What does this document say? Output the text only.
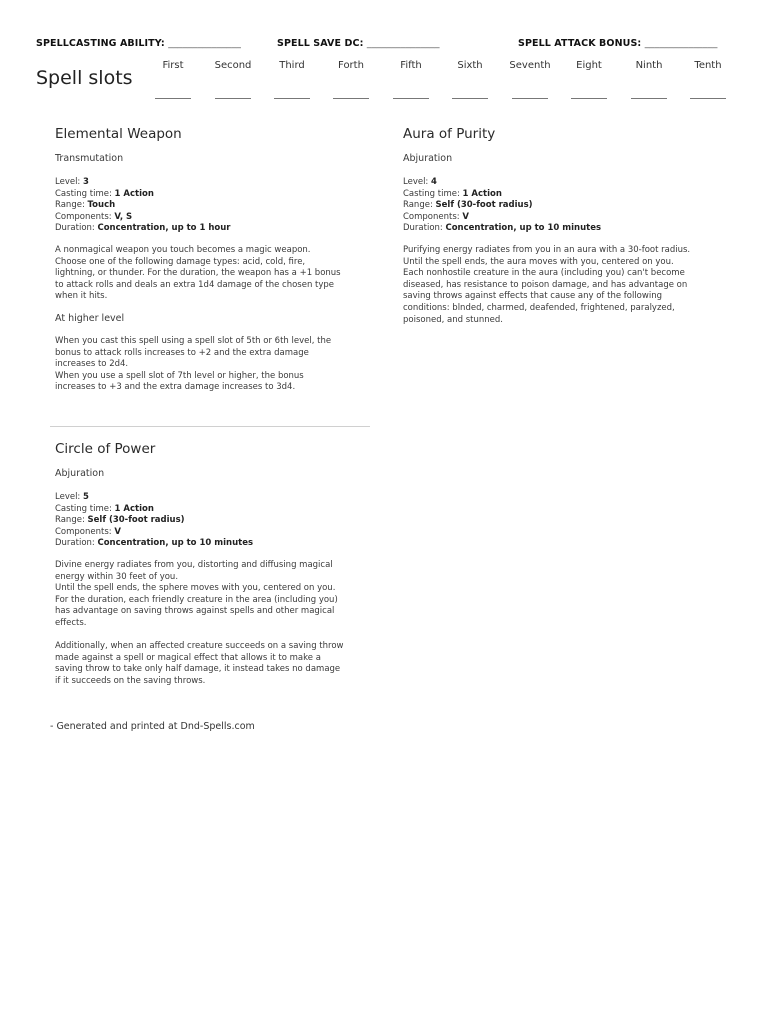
SPELLCASTING ABILITY: _______________	SPELL SAVE DC: _______________	SPELL ATTACK BONUS: _______________
Spell slots
First	Second	Third	Forth	Fifth	Sixth	Seventh	Eight	Ninth	Tenth
Elemental Weapon
Transmutation
Level: 3
Casting time: 1 Action
Range: Touch
Components: V, S
Duration: Concentration, up to 1 hour

A nonmagical weapon you touch becomes a magic weapon.

Choose one of the following damage types: acid, cold, fire,

lightning, or thunder. For the duration, the weapon has a +1 bonus

to attack rolls and deals an extra 1d4 damage of the chosen type

when it hits.

At higher level

When you cast this spell using a spell slot of 5th or 6th level, the

bonus to attack rolls increases to +2 and the extra damage

increases to 2d4.

When you use a spell slot of 7th level or higher, the bonus

increases to +3 and the extra damage increases to 3d4.

Aura of Purity
Abjuration
Level: 4
Casting time: 1 Action
Range: Self (30-foot radius)
Components: V
Duration: Concentration, up to 10 minutes

Purifying energy radiates from you in an aura with a 30-foot radius.

Until the spell ends, the aura moves with you, centered on you.

Each nonhostile creature in the aura (including you) can't become

diseased, has resistance to poison damage, and has advantage on

saving throws against effects that cause any of the following

conditions: blnded, charmed, deafended, frightened, paralyzed,

poisoned, and stunned.

Circle of Power
Abjuration
Level: 5
Casting time: 1 Action
Range: Self (30-foot radius)
Components: V
Duration: Concentration, up to 10 minutes

Divine energy radiates from you, distorting and diffusing magical

energy within 30 feet of you.

Until the spell ends, the sphere moves with you, centered on you.

For the duration, each friendly creature in the area (including you)

has advantage on saving throws against spells and other magical

effects.

Additionally, when an affected creature succeeds on a saving throw

made against a spell or magical effect that allows it to make a

saving throw to take only half damage, it instead takes no damage

if it succeeds on the saving throws.

- Generated and printed at Dnd-Spells.com
